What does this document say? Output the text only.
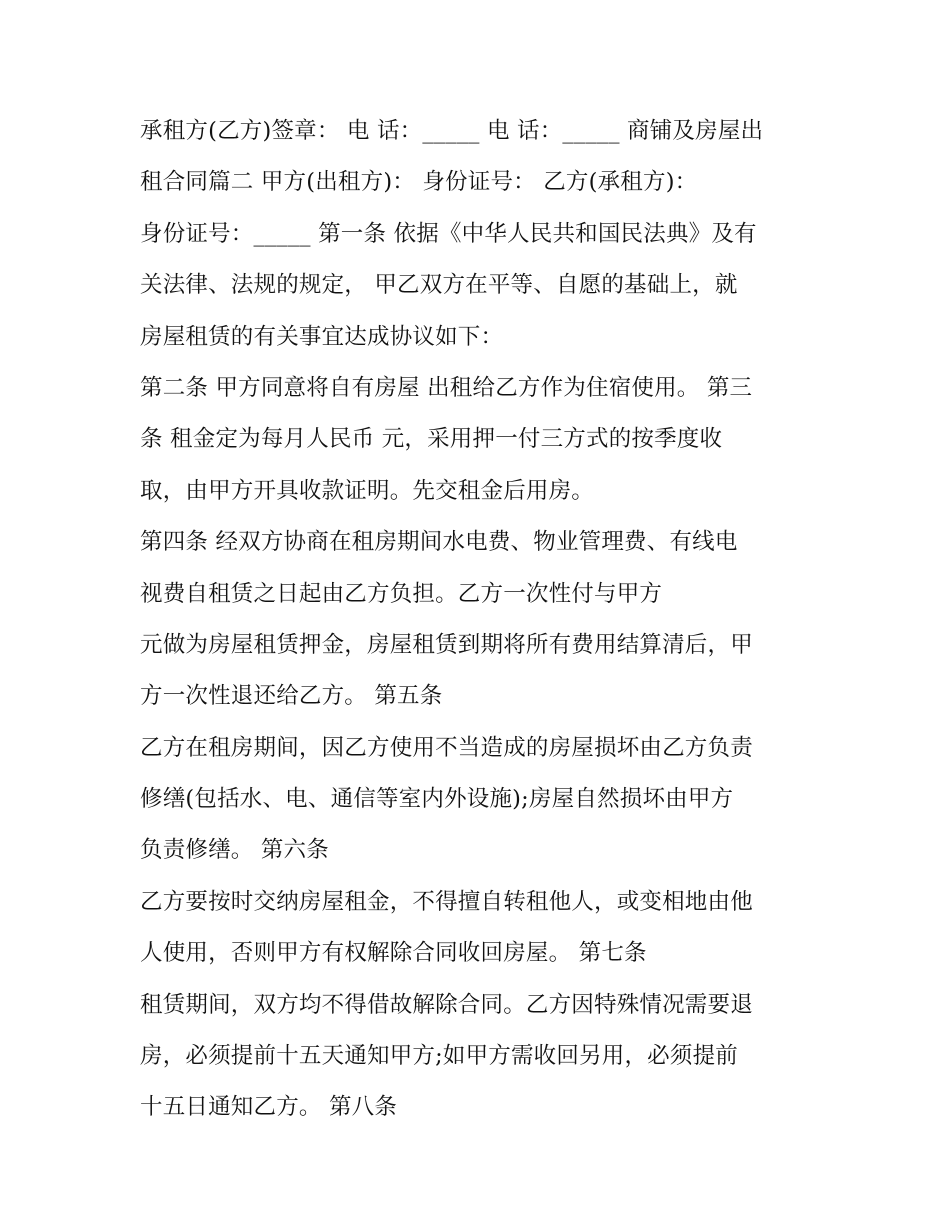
承租方(乙方)签章： 电 话：_____ 电 话：_____ 商铺及房屋出
租合同篇二 甲方(出租方)： 身份证号： 乙方(承租方)：
身份证号：_____ 第一条 依据《中华人民共和国民法典》及有
关法律、法规的规定， 甲乙双方在平等、自愿的基础上，就
房屋租赁的有关事宜达成协议如下：
第二条 甲方同意将自有房屋 出租给乙方作为住宿使用。 第三
条 租金定为每月人民币 元，采用押一付三方式的按季度收
取，由甲方开具收款证明。先交租金后用房。
第四条 经双方协商在租房期间水电费、物业管理费、有线电
视费自租赁之日起由乙方负担。乙方一次性付与甲方
元做为房屋租赁押金，房屋租赁到期将所有费用结算清后，甲
方一次性退还给乙方。 第五条
乙方在租房期间，因乙方使用不当造成的房屋损坏由乙方负责
修缮(包括水、电、通信等室内外设施);房屋自然损坏由甲方
负责修缮。 第六条
乙方要按时交纳房屋租金，不得擅自转租他人，或变相地由他
人使用，否则甲方有权解除合同收回房屋。 第七条
租赁期间，双方均不得借故解除合同。乙方因特殊情况需要退
房，必须提前十五天通知甲方;如甲方需收回另用，必须提前
十五日通知乙方。 第八条
